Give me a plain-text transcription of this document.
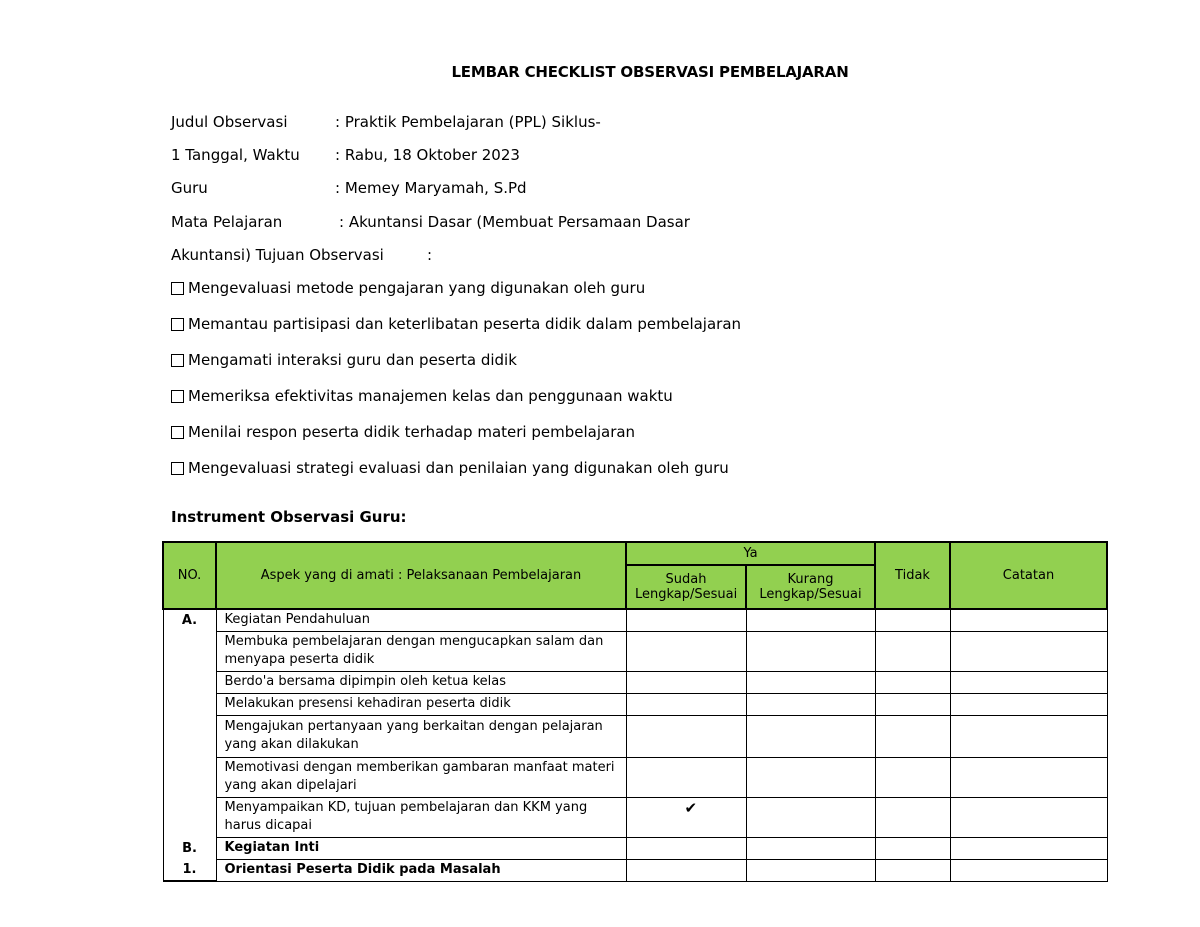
LEMBAR CHECKLIST OBSERVASI PEMBELAJARAN
Judul Observasi	: Praktik Pembelajaran (PPL) Siklus-
1 Tanggal, Waktu : Rabu, 18 Oktober 2023
Guru	: Memey Maryamah, S.Pd
Mata Pelajaran	: Akuntansi Dasar (Membuat Persamaan Dasar
Akuntansi) Tujuan Observasi	:
Mengevaluasi metode pengajaran yang digunakan oleh guru
Memantau partisipasi dan keterlibatan peserta didik dalam pembelajaran
Mengamati interaksi guru dan peserta didik
Memeriksa efektivitas manajemen kelas dan penggunaan waktu
Menilai respon peserta didik terhadap materi pembelajaran
Mengevaluasi strategi evaluasi dan penilaian yang digunakan oleh guru
Instrument Observasi Guru:
NO.	Aspek yang di amati : Pelaksanaan Pembelajaran	Ya		Tidak	Catatan
		Sudah Lengkap/Sesuai	Kurang Lengkap/Sesuai		
A.	Kegiatan Pendahuluan				
	Membuka pembelajaran dengan mengucapkan salam dan menyapa peserta didik				
	Berdo'a bersama dipimpin oleh ketua kelas				
	Melakukan presensi kehadiran peserta didik				
	Mengajukan pertanyaan yang berkaitan dengan pelajaran yang akan dilakukan				
	Memotivasi dengan memberikan gambaran manfaat materi yang akan dipelajari				
	Menyampaikan KD, tujuan pembelajaran dan KKM yang harus dicapai	✔			
B.	Kegiatan Inti				
1.	Orientasi Peserta Didik pada Masalah				
